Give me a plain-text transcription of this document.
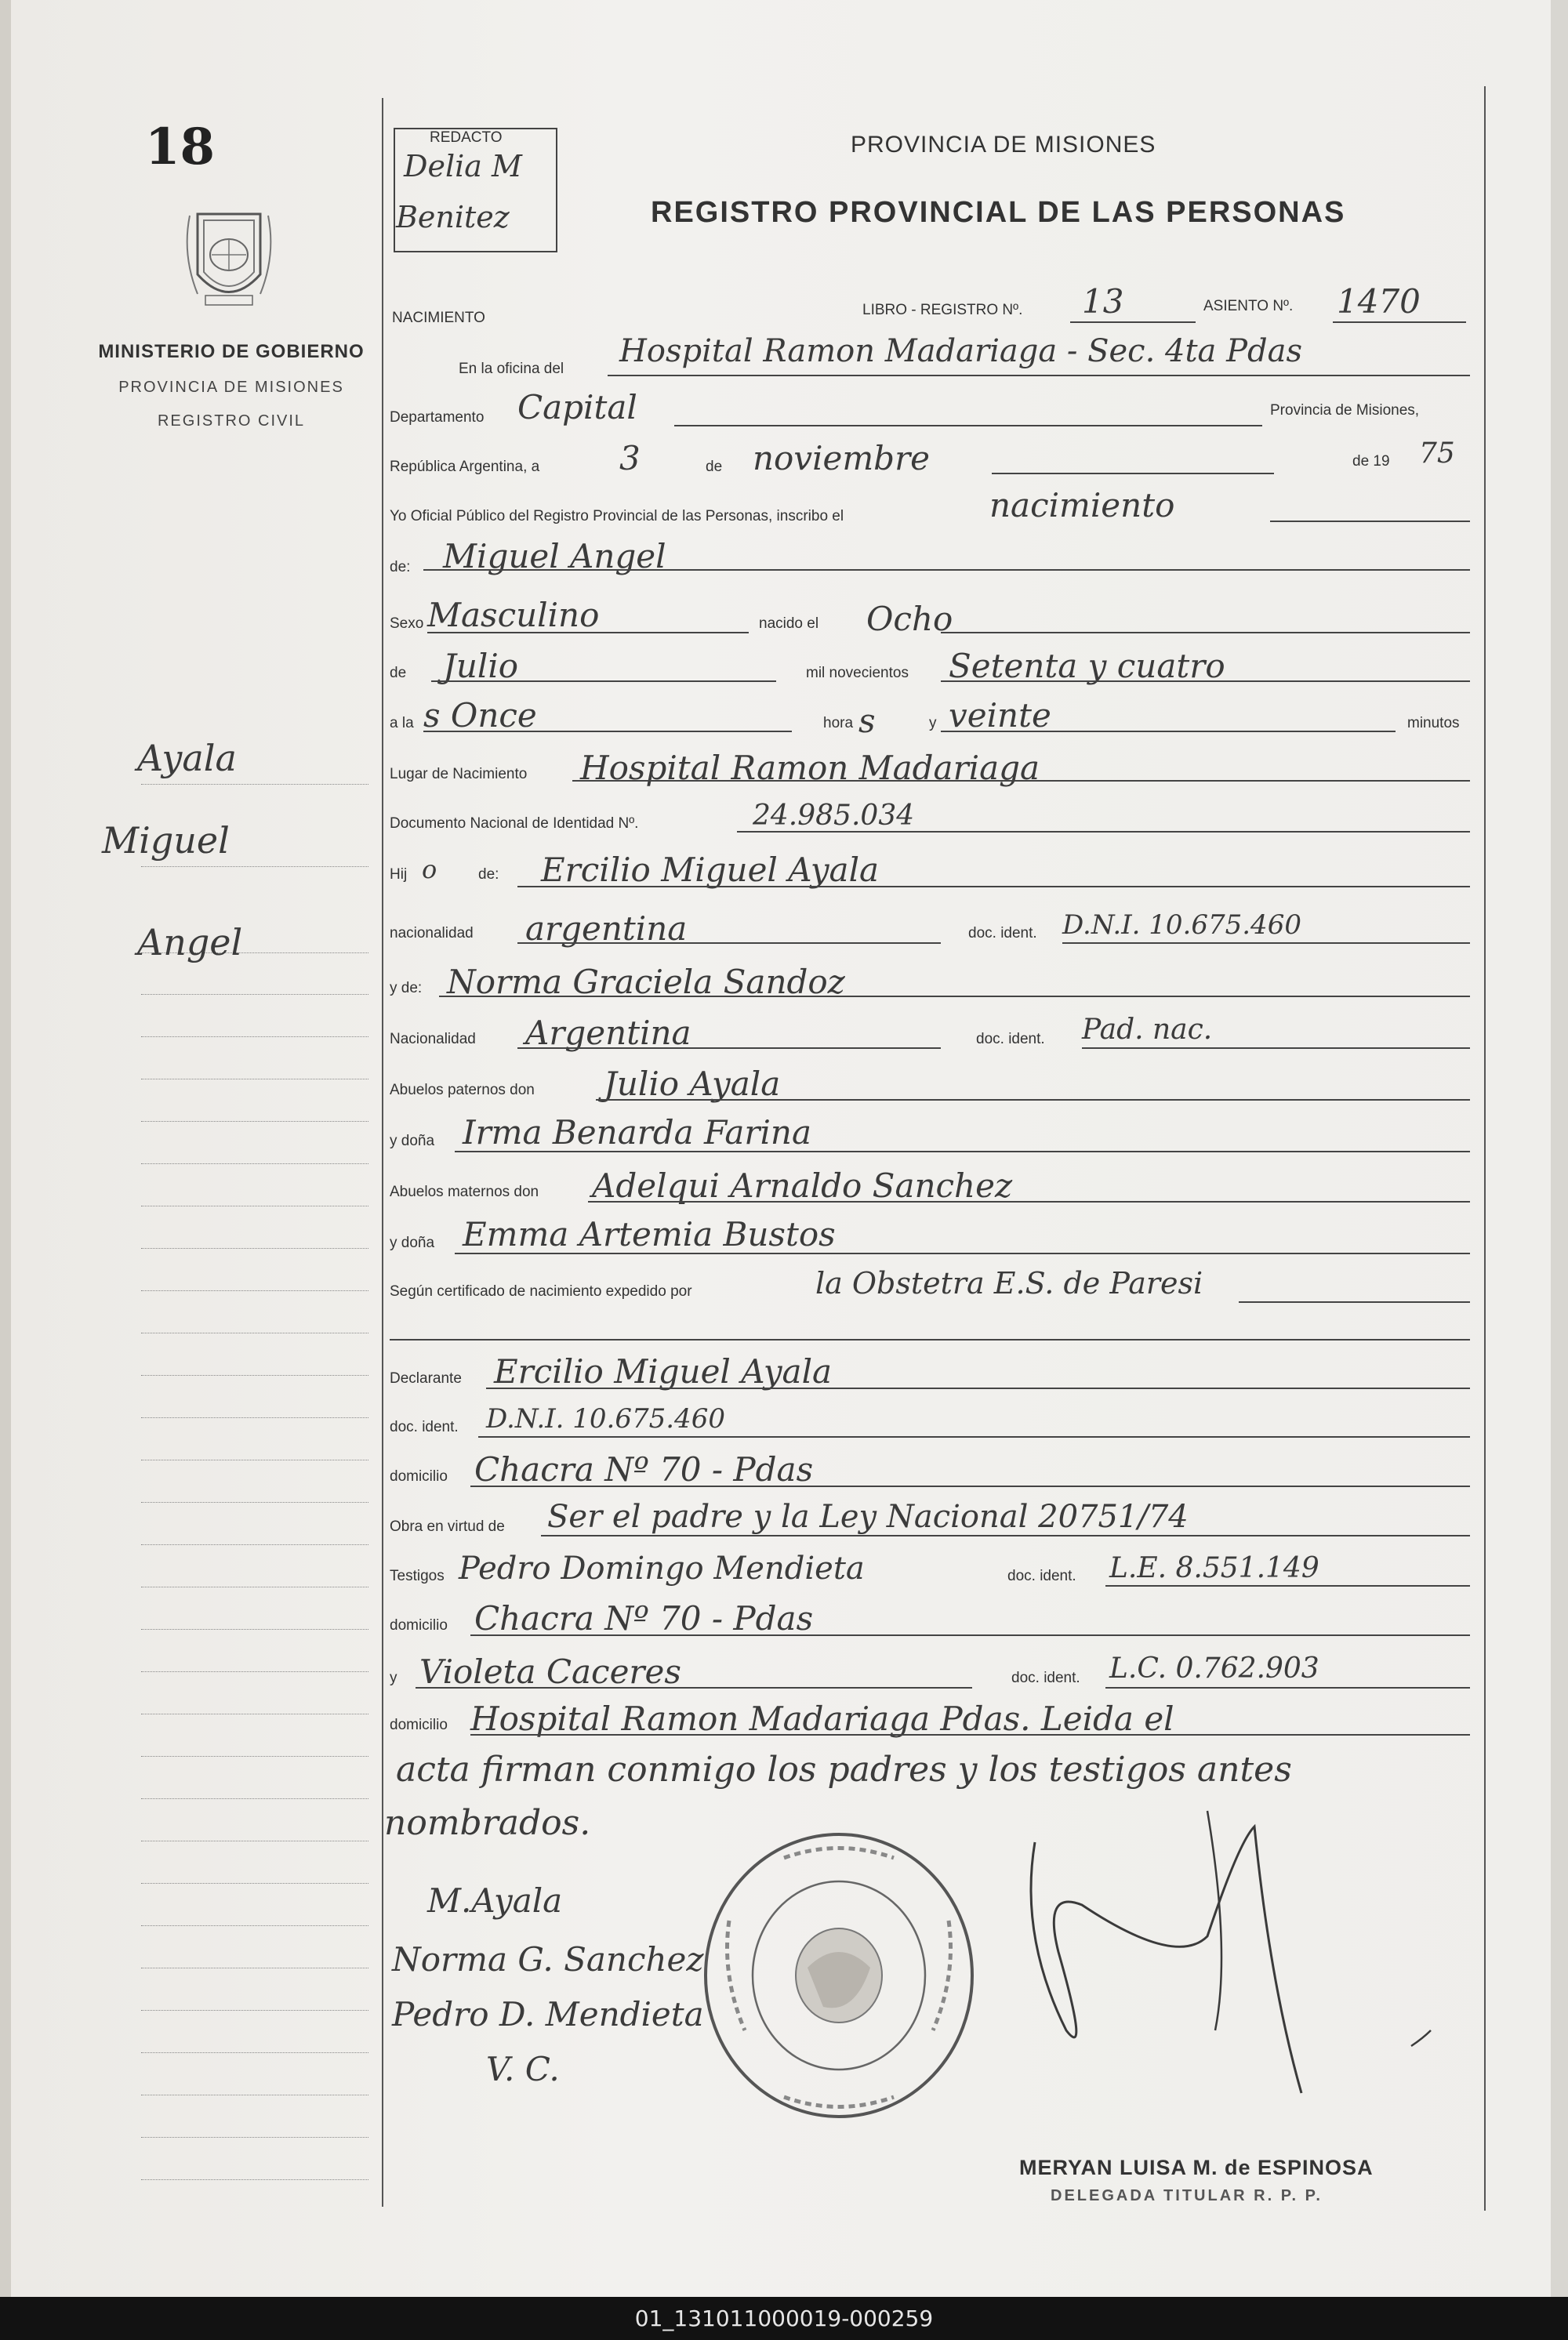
18
MINISTERIO DE GOBIERNO
PROVINCIA DE MISIONES
REGISTRO CIVIL
Ayala
Miguel
Angel
REDACTO
Delia M
Benitez
PROVINCIA DE MISIONES
REGISTRO PROVINCIAL DE LAS PERSONAS
NACIMIENTO	LIBRO - REGISTRO Nº. 13	ASIENTO Nº. 1470
En la oficina del Hospital Ramon Madariaga - Sec. 4ta Pdas
Departamento Capital	Provincia de Misiones,
República Argentina, a 3	de noviembre	de 19 75
Yo Oficial Público del Registro Provincial de las Personas, inscribo el	nacimiento
de: Miguel Angel
Sexo Masculino	nacido el Ocho
de Julio	mil novecientos Setenta y cuatro
a la s Once	hora s	y veinte	minutos
Lugar de Nacimiento Hospital Ramon Madariaga
Documento Nacional de Identidad Nº.	24.985.034
Hij o	de: Ercilio Miguel Ayala
nacionalidad argentina	doc. ident. D.N.I. 10.675.460
y de: Norma Graciela Sandoz
Nacionalidad Argentina	doc. ident. Pad. nac.
Abuelos paternos don Julio Ayala
y doña Irma Benarda Farina
Abuelos maternos don Adelqui Arnaldo Sanchez
y doña Emma Artemia Bustos
Según certificado de nacimiento expedido por	la Obstetra E.S. de Paresi
Declarante Ercilio Miguel Ayala
doc. ident. D.N.I. 10.675.460
domicilio Chacra Nº 70 - Pdas
Obra en virtud de Ser el padre y la Ley Nacional 20751/74
Testigos Pedro Domingo Mendieta	doc. ident. L.E. 8.551.149
domicilio Chacra Nº 70 - Pdas
y Violeta Caceres	doc. ident. L.C. 0.762.903
domicilio Hospital Ramon Madariaga Pdas. Leida el
acta firman conmigo los padres y los testigos antes
nombrados.
M.Ayala
Norma G. Sanchez
Pedro D. Mendieta
V. C.
MERYAN LUISA M. de ESPINOSA
DELEGADA TITULAR R. P. P.
01_131011000019-000259
